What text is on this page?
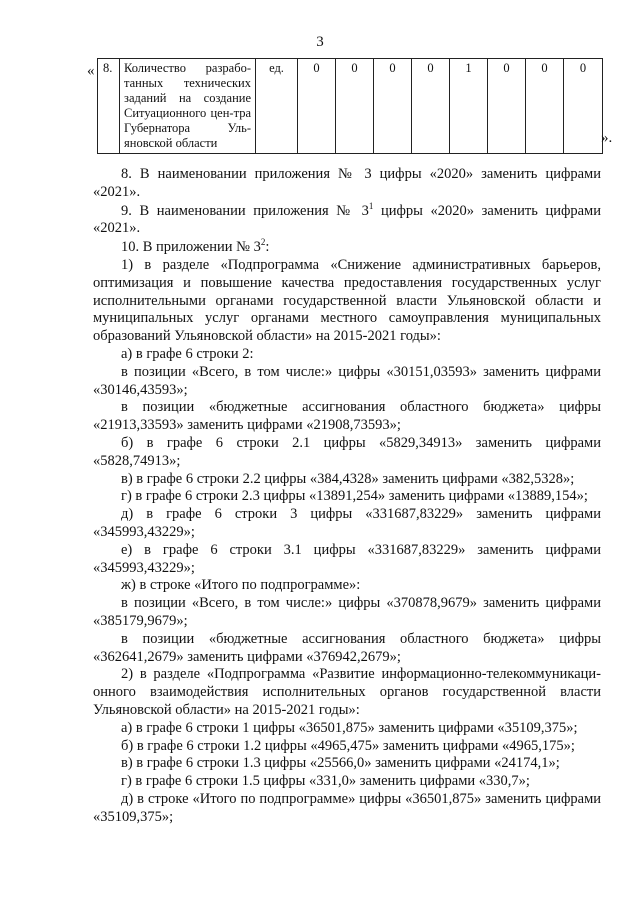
3
« 8.	Количество разрабо-танных технических заданий на создание Ситуационного цен-тра Губернатора Уль-яновской области	ед.	0	0	0	0	1	0	0	0
».

8. В наименовании приложения № 3 цифры «2020» заменить цифрами «2021».

9. В наименовании приложения № $3^1$ цифры «2020» заменить цифрами «2021».

10. В приложении № $3^2$:

1) в разделе «Подпрограмма «Снижение административных барьеров, оптимизация и повышение качества предоставления государственных услуг исполнительными органами государственной власти Ульяновской области и муниципальных услуг органами местного самоуправления муниципальных образований Ульяновской области» на 2015-2021 годы»:

а) в графе 6 строки 2:

в позиции «Всего, в том числе:» цифры «30151,03593» заменить цифрами «30146,43593»;

в позиции «бюджетные ассигнования областного бюджета» цифры «21913,33593» заменить цифрами «21908,73593»;

б) в графе 6 строки 2.1 цифры «5829,34913» заменить цифрами «5828,74913»;

в) в графе 6 строки 2.2 цифры «384,4328» заменить цифрами «382,5328»;

г) в графе 6 строки 2.3 цифры «13891,254» заменить цифрами «13889,154»;

д) в графе 6 строки 3 цифры «331687,83229» заменить цифрами «345993,43229»;

е) в графе 6 строки 3.1 цифры «331687,83229» заменить цифрами «345993,43229»;

ж) в строке «Итого по подпрограмме»:

в позиции «Всего, в том числе:» цифры «370878,9679» заменить цифрами «385179,9679»;

в позиции «бюджетные ассигнования областного бюджета» цифры «362641,2679» заменить цифрами «376942,2679»;

2) в разделе «Подпрограмма «Развитие информационно-телекоммуникаци-онного взаимодействия исполнительных органов государственной власти Ульяновской области» на 2015-2021 годы»:

а) в графе 6 строки 1 цифры «36501,875» заменить цифрами «35109,375»;

б) в графе 6 строки 1.2 цифры «4965,475» заменить цифрами «4965,175»;

в) в графе 6 строки 1.3 цифры «25566,0» заменить цифрами «24174,1»;

г) в графе 6 строки 1.5 цифры «331,0» заменить цифрами «330,7»;

д) в строке «Итого по подпрограмме» цифры «36501,875» заменить цифрами «35109,375»;
